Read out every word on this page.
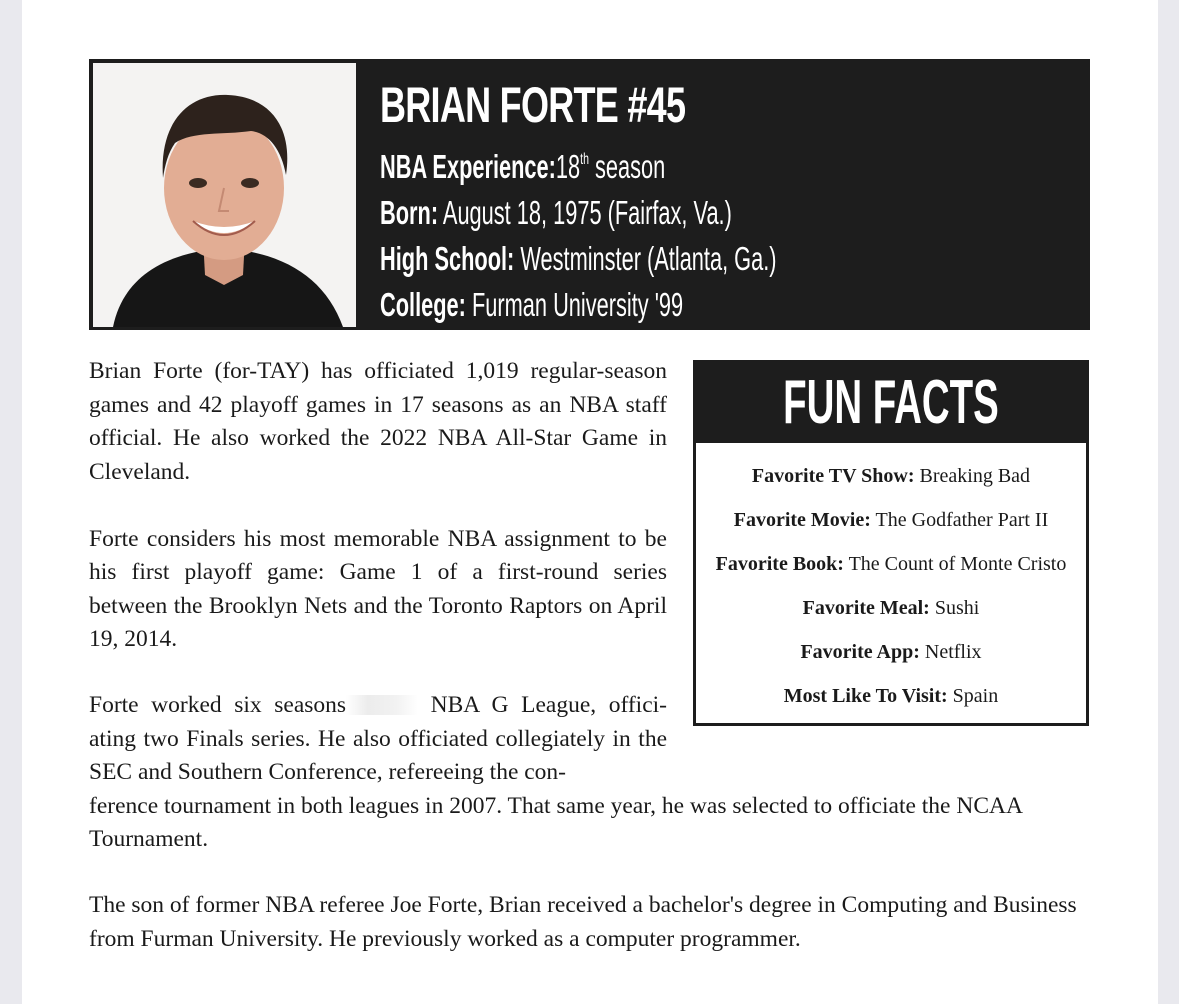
BRIAN FORTE #45
NBA Experience:18th season
Born: August 18, 1975 (Fairfax, Va.)
High School: Westminster (Atlanta, Ga.)
College: Furman University '99

Brian Forte (for-TAY) has officiated 1,019 regular-season games and 42 playoff games in 17 seasons as an NBA staff official. He also worked the 2022 NBA All-Star Game in Cleveland.

Forte considers his most memorable NBA assignment to be his first playoff game: Game 1 of a first-round series between the Brooklyn Nets and the Toronto Raptors on April 19, 2014.

Forte worked six seasons	NBA G League, offici-ating two Finals series. He also officiated collegiately in the SEC and Southern Conference, refereeing the con-

ference tournament in both leagues in 2007. That same year, he was selected to officiate the NCAA Tournament.

The son of former NBA referee Joe Forte, Brian received a bachelor's degree in Computing and Business from Furman University. He previously worked as a computer programmer.

FUN FACTS
Favorite TV Show: Breaking Bad
Favorite Movie: The Godfather Part II
Favorite Book: The Count of Monte Cristo
Favorite Meal: Sushi
Favorite App: Netflix
Most Like To Visit: Spain
